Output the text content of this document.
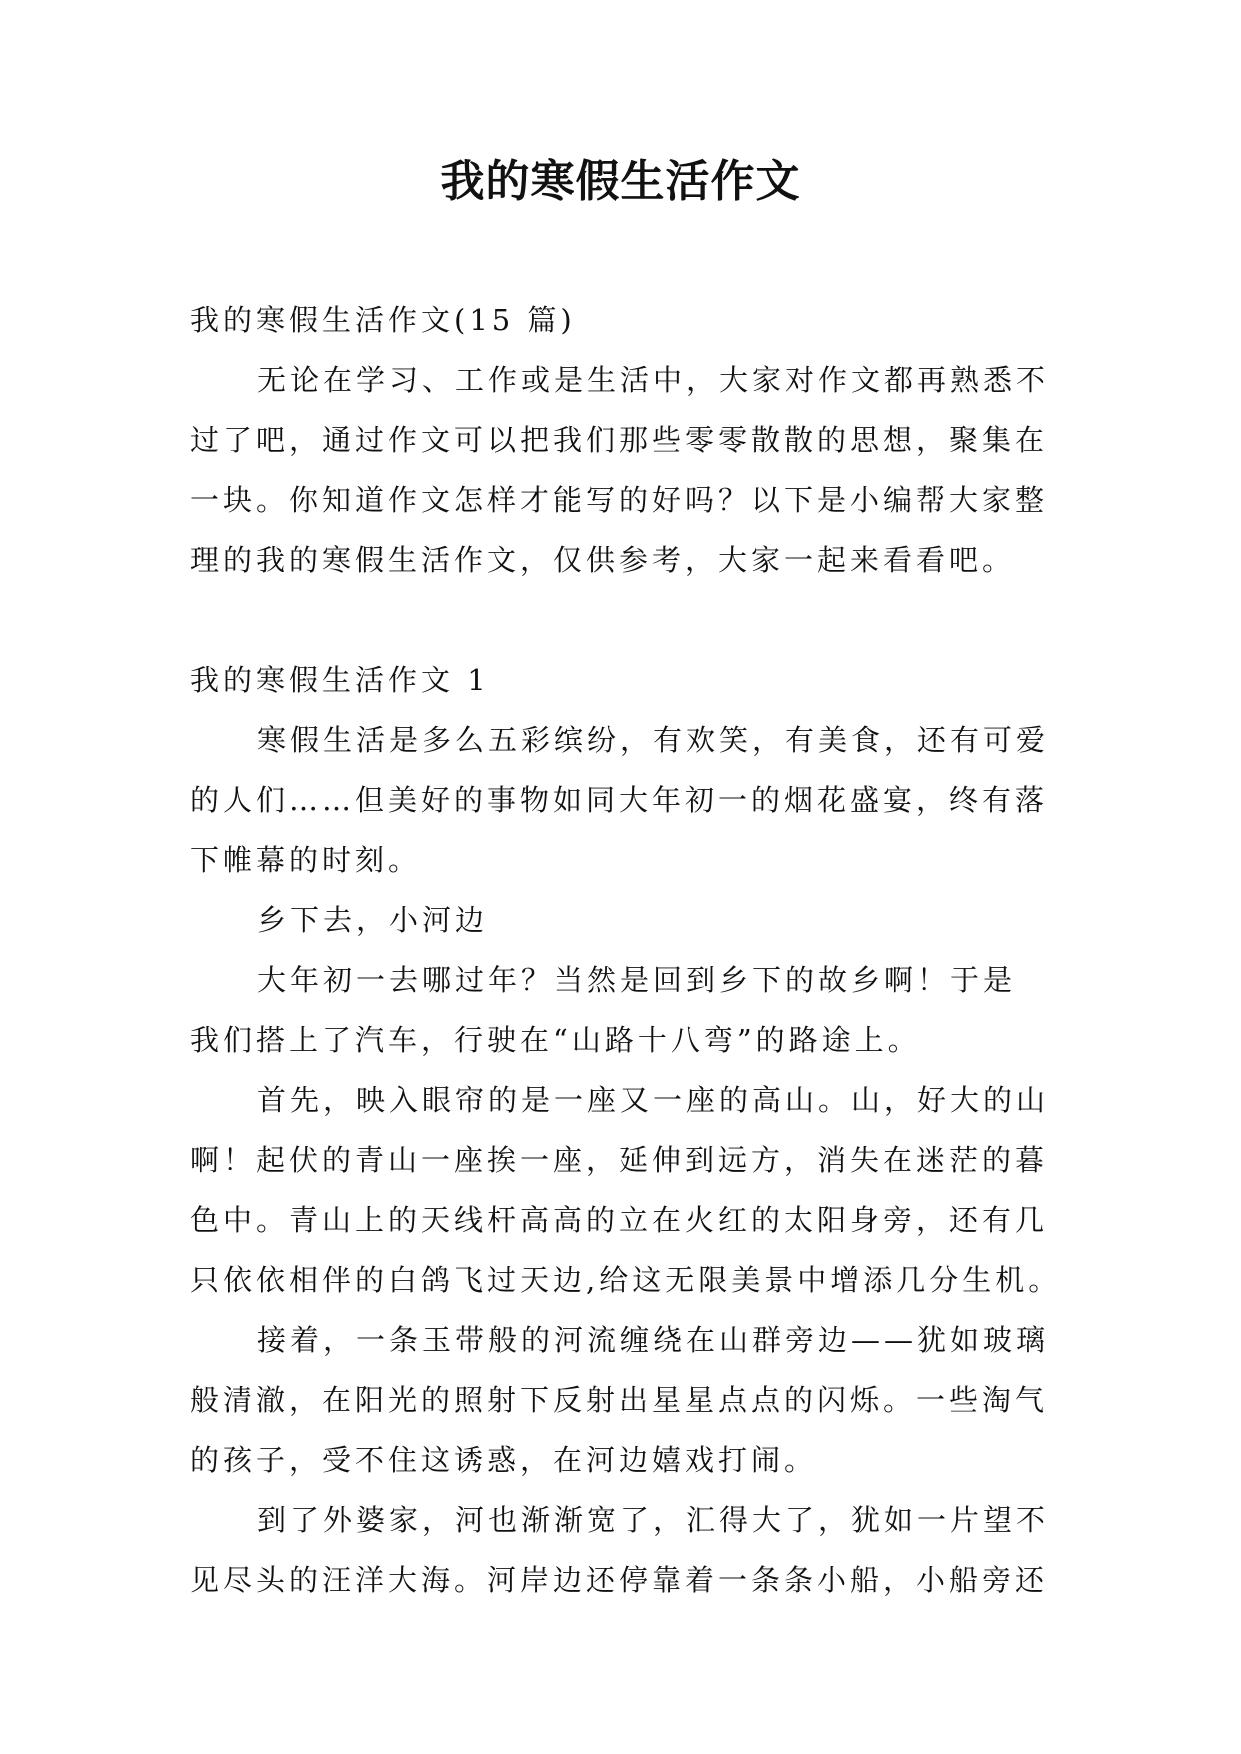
我的寒假生活作文
我的寒假生活作文(15 篇)
无论在学习、工作或是生活中，大家对作文都再熟悉不
过了吧，通过作文可以把我们那些零零散散的思想，聚集在
一块。你知道作文怎样才能写的好吗？以下是小编帮大家整
理的我的寒假生活作文，仅供参考，大家一起来看看吧。
我的寒假生活作文 1
寒假生活是多么五彩缤纷，有欢笑，有美食，还有可爱
的人们……但美好的事物如同大年初一的烟花盛宴，终有落
下帷幕的时刻。
乡下去，小河边
大年初一去哪过年？当然是回到乡下的故乡啊！于是
我们搭上了汽车，行驶在“山路十八弯”的路途上。
首先，映入眼帘的是一座又一座的高山。山，好大的山
啊！起伏的青山一座挨一座，延伸到远方，消失在迷茫的暮
色中。青山上的天线杆高高的立在火红的太阳身旁，还有几
只依依相伴的白鸽飞过天边,给这无限美景中增添几分生机。
接着，一条玉带般的河流缠绕在山群旁边——犹如玻璃
般清澈，在阳光的照射下反射出星星点点的闪烁。一些淘气
的孩子，受不住这诱惑，在河边嬉戏打闹。
到了外婆家，河也渐渐宽了，汇得大了，犹如一片望不
见尽头的汪洋大海。河岸边还停靠着一条条小船，小船旁还
